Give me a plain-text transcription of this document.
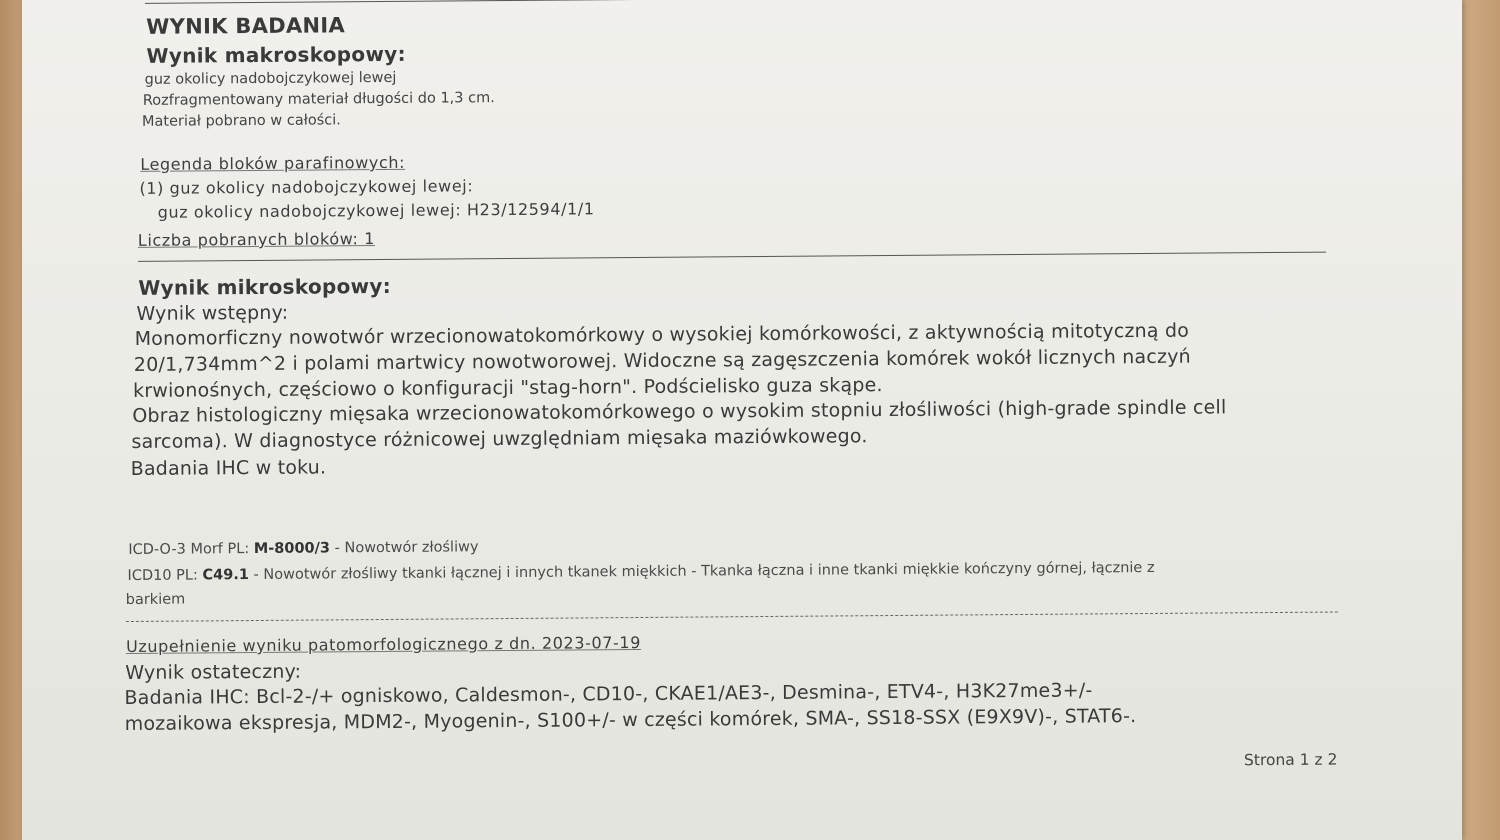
WYNIK BADANIA

Wynik makroskopowy:

guz okolicy nadobojczykowej lewej

Rozfragmentowany materiał długości do 1,3 cm.

Materiał pobrano w całości.

Legenda bloków parafinowych:

(1) guz okolicy nadobojczykowej lewej:

guz okolicy nadobojczykowej lewej: H23/12594/1/1

Liczba pobranych bloków: 1

Wynik mikroskopowy:

Wynik wstępny:

Monomorficzny nowotwór wrzecionowatokomórkowy o wysokiej komórkowości, z aktywnością mitotyczną do

20/1,734mm^2 i polami martwicy nowotworowej. Widoczne są zagęszczenia komórek wokół licznych naczyń

krwionośnych, częściowo o konfiguracji "stag-horn". Podścielisko guza skąpe.

Obraz histologiczny mięsaka wrzecionowatokomórkowego o wysokim stopniu złośliwości (high-grade spindle cell

sarcoma). W diagnostyce różnicowej uwzględniam mięsaka maziówkowego.

Badania IHC w toku.

ICD-O-3 Morf PL: M-8000/3 - Nowotwór złośliwy

ICD10 PL: C49.1 - Nowotwór złośliwy tkanki łącznej i innych tkanek miękkich - Tkanka łączna i inne tkanki miękkie kończyny górnej, łącznie z

barkiem

Uzupełnienie wyniku patomorfologicznego z dn. 2023-07-19

Wynik ostateczny:

Badania IHC: Bcl-2-/+ ogniskowo, Caldesmon-, CD10-, CKAE1/AE3-, Desmina-, ETV4-, H3K27me3+/-

mozaikowa ekspresja, MDM2-, Myogenin-, S100+/- w części komórek, SMA-, SS18-SSX (E9X9V)-, STAT6-.

Strona 1 z 2
